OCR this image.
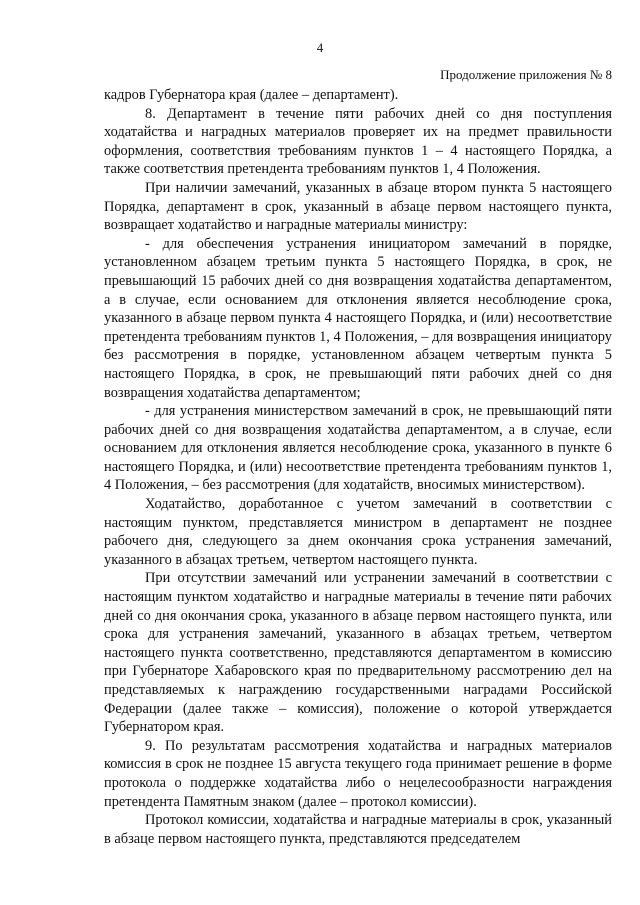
4
Продолжение приложения № 8

кадров Губернатора края (далее – департамент).

8. Департамент в течение пяти рабочих дней со дня поступления ходатайства и наградных материалов проверяет их на предмет правильности оформления, соответствия требованиям пунктов 1 – 4 настоящего Порядка, а также соответствия претендента требованиям пунктов 1, 4 Положения.

При наличии замечаний, указанных в абзаце втором пункта 5 настоящего Порядка, департамент в срок, указанный в абзаце первом настоящего пункта, возвращает ходатайство и наградные материалы министру:

- для обеспечения устранения инициатором замечаний в порядке, установленном абзацем третьим пункта 5 настоящего Порядка, в срок, не превышающий 15 рабочих дней со дня возвращения ходатайства департаментом, а в случае, если основанием для отклонения является несоблюдение срока, указанного в абзаце первом пункта 4 настоящего Порядка, и (или) несоответствие претендента требованиям пунктов 1, 4 Положения, – для возвращения инициатору без рассмотрения в порядке, установленном абзацем четвертым пункта 5 настоящего Порядка, в срок, не превышающий пяти рабочих дней со дня возвращения ходатайства департаментом;

- для устранения министерством замечаний в срок, не превышающий пяти рабочих дней со дня возвращения ходатайства департаментом, а в случае, если основанием для отклонения является несоблюдение срока, указанного в пункте 6 настоящего Порядка, и (или) несоответствие претендента требованиям пунктов 1, 4 Положения, – без рассмотрения (для ходатайств, вносимых министерством).

Ходатайство, доработанное с учетом замечаний в соответствии с настоящим пунктом, представляется министром в департамент не позднее рабочего дня, следующего за днем окончания срока устранения замечаний, указанного в абзацах третьем, четвертом настоящего пункта.

При отсутствии замечаний или устранении замечаний в соответствии с настоящим пунктом ходатайство и наградные материалы в течение пяти рабочих дней со дня окончания срока, указанного в абзаце первом настоящего пункта, или срока для устранения замечаний, указанного в абзацах третьем, четвертом настоящего пункта соответственно, представляются департаментом в комиссию при Губернаторе Хабаровского края по предварительному рассмотрению дел на представляемых к награждению государственными наградами Российской Федерации (далее также – комиссия), положение о которой утверждается Губернатором края.

9. По результатам рассмотрения ходатайства и наградных материалов комиссия в срок не позднее 15 августа текущего года принимает решение в форме протокола о поддержке ходатайства либо о нецелесообразности награждения претендента Памятным знаком (далее – протокол комиссии).

Протокол комиссии, ходатайства и наградные материалы в срок, указанный в абзаце первом настоящего пункта, представляются председателем
